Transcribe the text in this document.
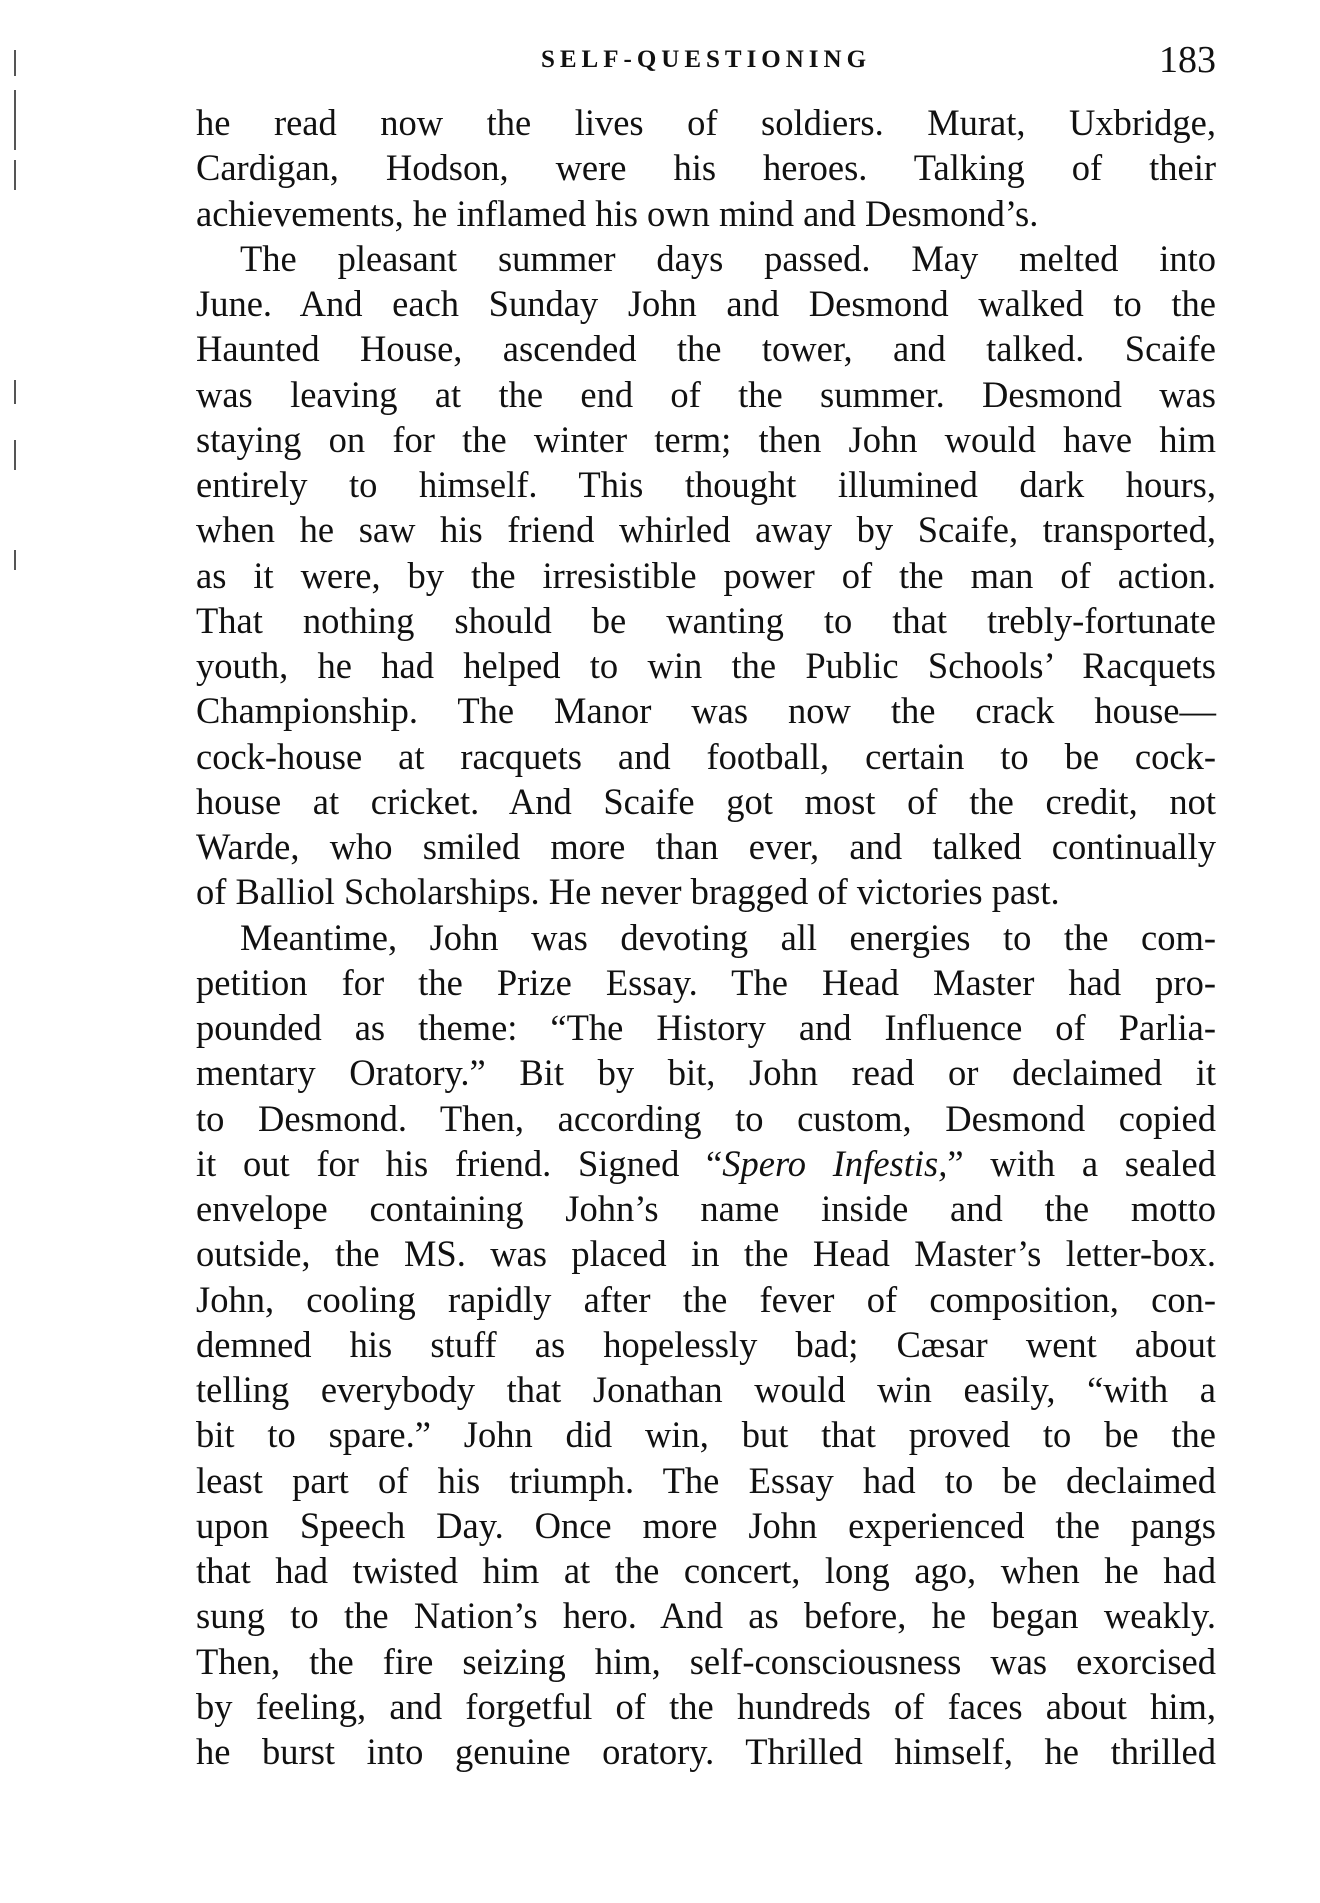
SELF-QUESTIONING	183
he read now the lives of soldiers. Murat, Uxbridge,
Cardigan, Hodson, were his heroes. Talking of their
achievements, he inflamed his own mind and Desmond’s.
The pleasant summer days passed. May melted into
June. And each Sunday John and Desmond walked to the
Haunted House, ascended the tower, and talked. Scaife
was leaving at the end of the summer. Desmond was
staying on for the winter term; then John would have him
entirely to himself. This thought illumined dark hours,
when he saw his friend whirled away by Scaife, transported,
as it were, by the irresistible power of the man of action.
That nothing should be wanting to that trebly-fortunate
youth, he had helped to win the Public Schools’ Racquets
Championship. The Manor was now the crack house—
cock-house at racquets and football, certain to be cock-
house at cricket. And Scaife got most of the credit, not
Warde, who smiled more than ever, and talked continually
of Balliol Scholarships. He never bragged of victories past.
Meantime, John was devoting all energies to the com-
petition for the Prize Essay. The Head Master had pro-
pounded as theme: “The History and Influence of Parlia-
mentary Oratory.” Bit by bit, John read or declaimed it
to Desmond. Then, according to custom, Desmond copied
it out for his friend. Signed “Spero Infestis,” with a sealed
envelope containing John’s name inside and the motto
outside, the MS. was placed in the Head Master’s letter-box.
John, cooling rapidly after the fever of composition, con-
demned his stuff as hopelessly bad; Cæsar went about
telling everybody that Jonathan would win easily, “with a
bit to spare.” John did win, but that proved to be the
least part of his triumph. The Essay had to be declaimed
upon Speech Day. Once more John experienced the pangs
that had twisted him at the concert, long ago, when he had
sung to the Nation’s hero. And as before, he began weakly.
Then, the fire seizing him, self-consciousness was exorcised
by feeling, and forgetful of the hundreds of faces about him,
he burst into genuine oratory. Thrilled himself, he thrilled
